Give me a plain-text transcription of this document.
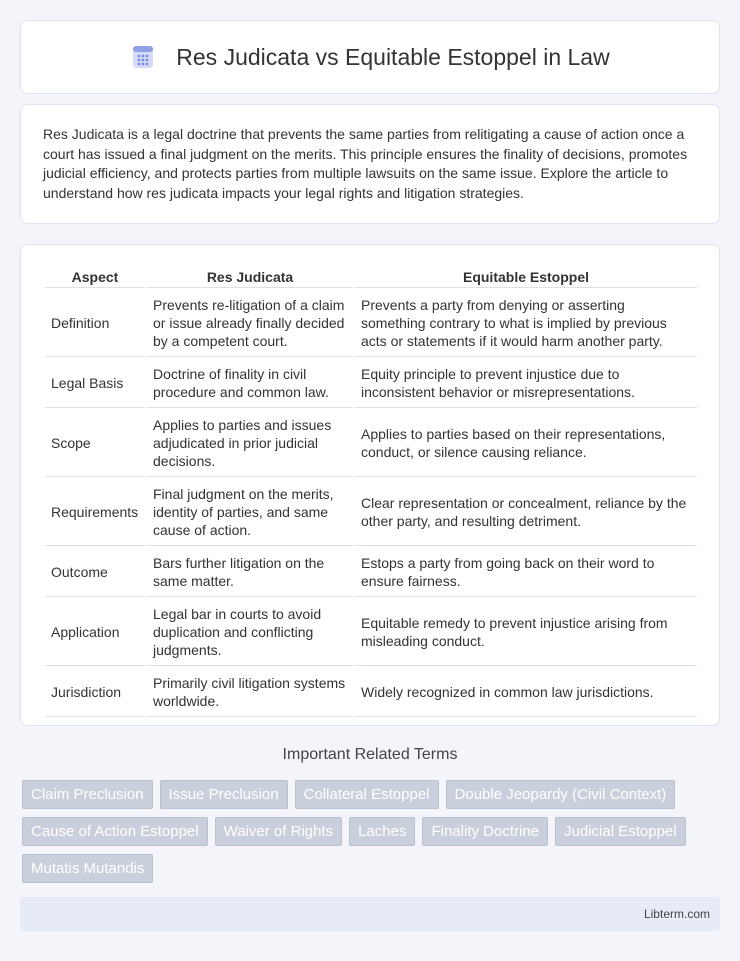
Res Judicata vs Equitable Estoppel in Law

Res Judicata is a legal doctrine that prevents the same parties from relitigating a cause of action once a court has issued a final judgment on the merits. This principle ensures the finality of decisions, promotes judicial efficiency, and protects parties from multiple lawsuits on the same issue. Explore the article to understand how res judicata impacts your legal rights and litigation strategies.

Aspect	Res Judicata	Equitable Estoppel
Definition	Prevents re-litigation of a claim or issue already finally decided by a competent court.	Prevents a party from denying or asserting something contrary to what is implied by previous acts or statements if it would harm another party.
Legal Basis	Doctrine of finality in civil procedure and common law.	Equity principle to prevent injustice due to inconsistent behavior or misrepresentations.
Scope	Applies to parties and issues adjudicated in prior judicial decisions.	Applies to parties based on their representations, conduct, or silence causing reliance.
Requirements	Final judgment on the merits, identity of parties, and same cause of action.	Clear representation or concealment, reliance by the other party, and resulting detriment.
Outcome	Bars further litigation on the same matter.	Estops a party from going back on their word to ensure fairness.
Application	Legal bar in courts to avoid duplication and conflicting judgments.	Equitable remedy to prevent injustice arising from misleading conduct.
Jurisdiction	Primarily civil litigation systems worldwide.	Widely recognized in common law jurisdictions.
Important Related Terms
Claim Preclusion	Issue Preclusion	Collateral Estoppel	Double Jeopardy (Civil Context)
Cause of Action Estoppel	Waiver of Rights	Laches	Finality Doctrine	Judicial Estoppel
Mutatis Mutandis
Libterm.com
